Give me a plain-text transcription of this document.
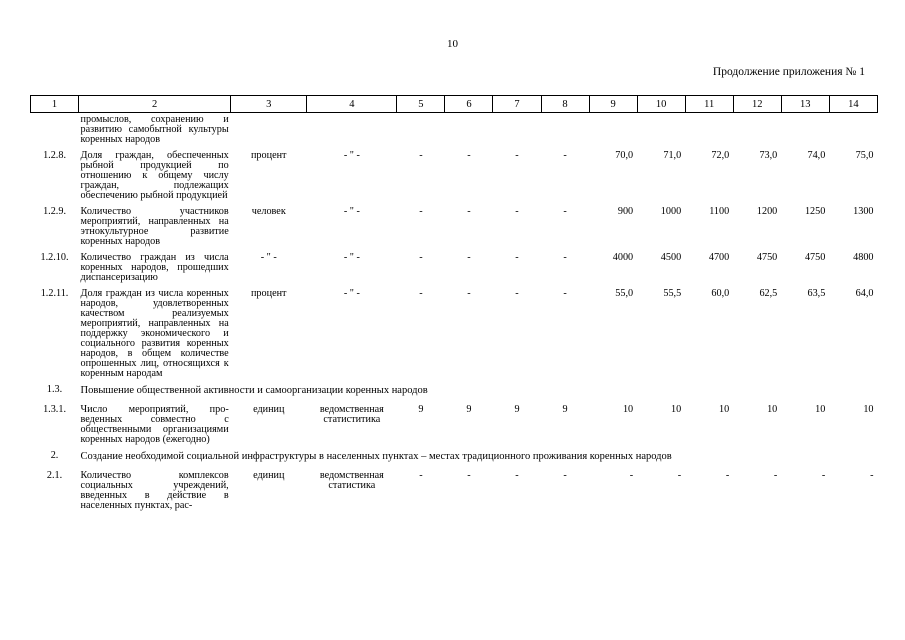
10
Продолжение приложения № 1
1	2	3	4	5	6	7	8	9	10	11	12	13	14
	промыслов, сохранению и развитию самобытной культуры коренных народов												
1.2.8.	Доля граждан, обеспеченных рыбной продукцией по отношению к общему числу граждан, подлежащих обеспечению рыбной продукцией	процент	- " -	-	-	-	-	70,0	71,0	72,0	73,0	74,0	75,0
1.2.9.	Количество участников мероприятий, направленных на этнокультурное развитие коренных народов	человек	- " -	-	-	-	-	900	1000	1100	1200	1250	1300
1.2.10.	Количество граждан из числа коренных народов, прошедших диспансеризацию	- " -	- " -	-	-	-	-	4000	4500	4700	4750	4750	4800
1.2.11.	Доля граждан из числа коренных народов, удовлетворенных качеством реализуемых мероприятий, направленных на поддержку экономического и социального развития коренных народов, в общем количестве опрошенных лиц, относящихся к коренным народам	процент	- " -	-	-	-	-	55,0	55,5	60,0	62,5	63,5	64,0
1.3.	Повышение общественной активности и самоорганизации коренных народов												
1.3.1.	Число мероприятий, проведенных совместно с общественными организациями коренных народов (ежегодно)	единиц	ведомственная статиститика	9	9	9	9	10	10	10	10	10	10
2.	Создание необходимой социальной инфраструктуры в населенных пунктах – местах традиционного проживания коренных народов												
2.1.	Количество комплексов социальных учреждений, введенных в действие в населенных пунктах, рас-	единиц	ведомственная статистика	-	-	-	-	-	-	-	-	-	-
